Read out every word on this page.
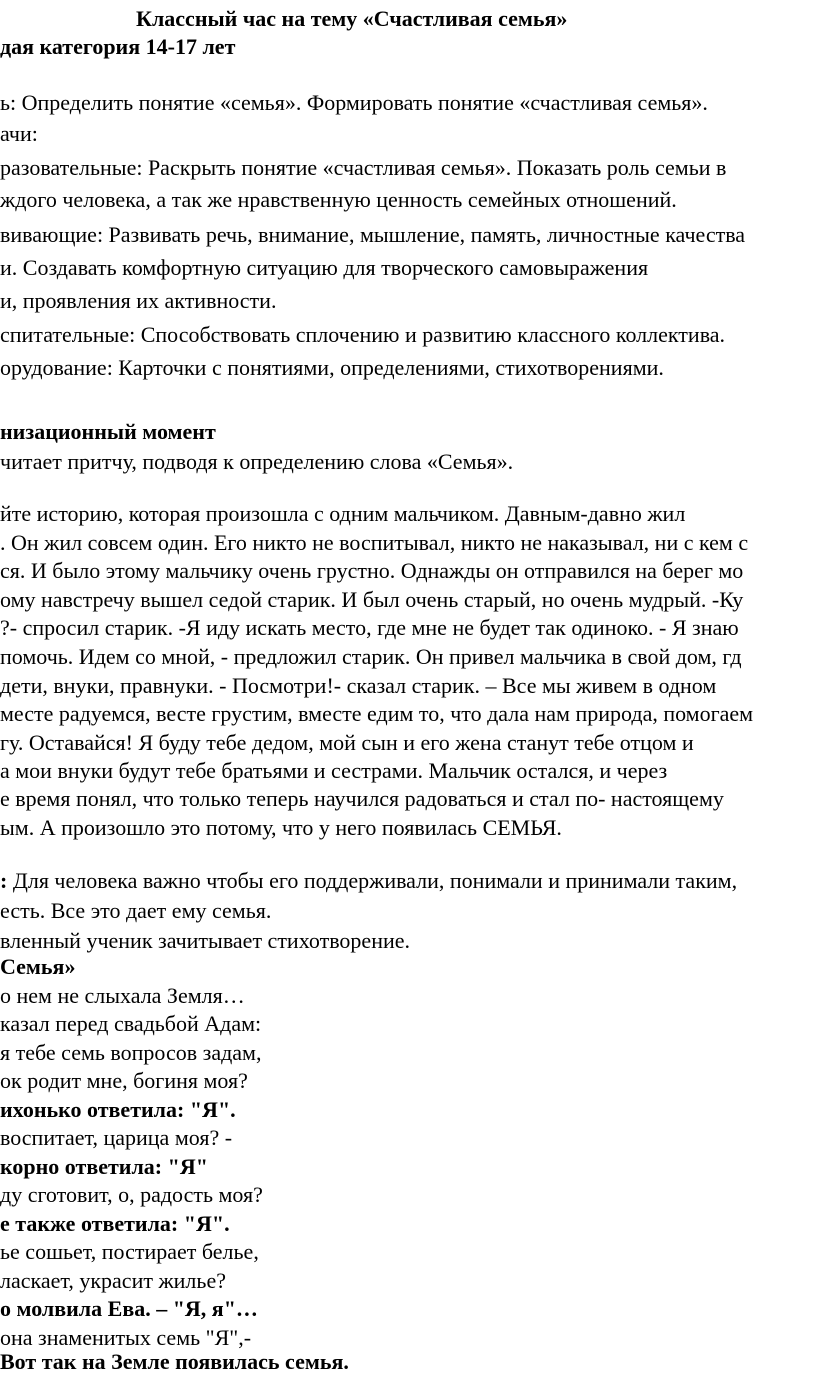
Классный час на тему «Счастливая семья»
дая категория 14-17 лет
ь: Определить понятие «семья». Формировать понятие «счастливая семья».
ачи:
разовательные: Раскрыть понятие «счастливая семья». Показать роль семьи в
ждого человека, а так же нравственную ценность семейных отношений.
вивающие: Развивать речь, внимание, мышление, память, личностные качества
и. Создавать комфортную ситуацию для творческого самовыражения
и, проявления их активности.
спитательные: Способствовать сплочению и развитию классного коллектива.
орудование: Карточки с понятиями, определениями, стихотворениями.
низационный момент
читает притчу, подводя к определению слова «Семья».
йте историю, которая произошла с одним мальчиком. Давным-давно жил
. Он жил совсем один. Его никто не воспитывал, никто не наказывал, ни с кем с
ся. И было этому мальчику очень грустно. Однажды он отправился на берег мо
ому навстречу вышел седой старик. И был очень старый, но очень мудрый. -Ку
?- спросил старик. -Я иду искать место, где мне не будет так одиноко. - Я знаю
помочь. Идем со мной, - предложил старик. Он привел мальчика в свой дом, гд
дети, внуки, правнуки. - Посмотри!- сказал старик. – Все мы живем в одном
месте радуемся, весте грустим, вместе едим то, что дала нам природа, помогаем
гу. Оставайся! Я буду тебе дедом, мой сын и его жена станут тебе отцом и
а мои внуки будут тебе братьями и сестрами. Мальчик остался, и через
е время понял, что только теперь научился радоваться и стал по- настоящему
ым. А произошло это потому, что у него появилась СЕМЬЯ.
: Для человека важно чтобы его поддерживали, понимали и принимали таким,
есть. Все это дает ему семья.
вленный ученик зачитывает стихотворение.
Семья»
о нем не слыхала Земля…
казал перед свадьбой Адам:
я тебе семь вопросов задам,
ок родит мне, богиня моя?
ихонько ответила: "Я".
воспитает, царица моя? -
корно ответила: "Я"
ду сготовит, о, радость моя?
е также ответила: "Я".
ье сошьет, постирает белье,
ласкает, украсит жилье?
о молвила Ева. – "Я, я"…
она знаменитых семь "Я",-
Вот так на Земле появилась семья.
